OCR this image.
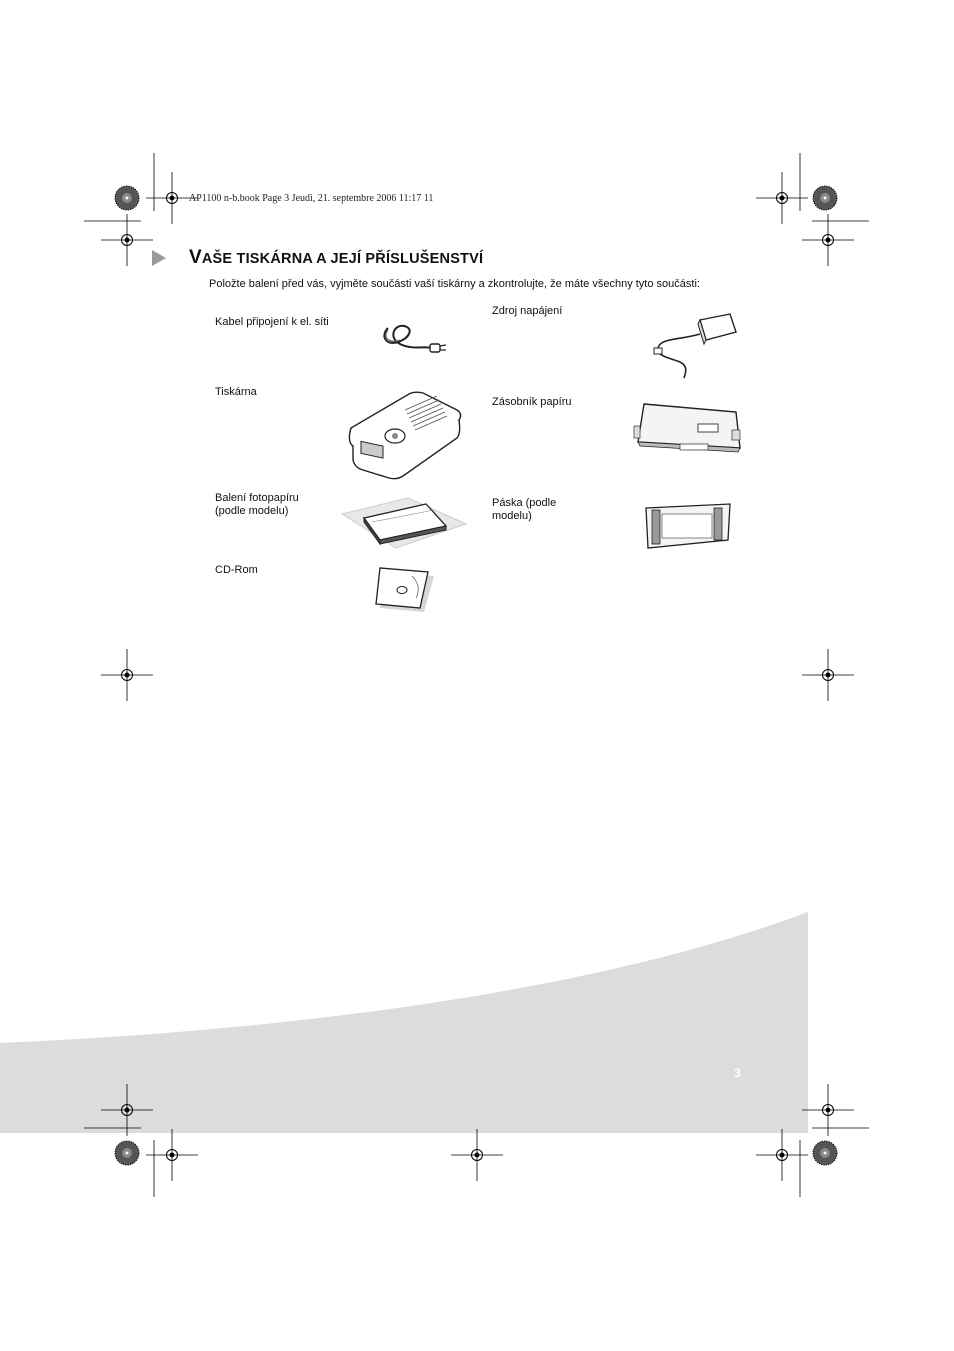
AP1100 n-b.book Page 3 Jeudi, 21. septembre 2006 11:17 11
VAŠE TISKÁRNA A JEJÍ PŘÍSLUŠENSTVÍ
Položte balení před vás, vyjměte součásti vaší tiskárny a zkontrolujte, že máte všechny tyto součásti:
Kabel připojení k el. síti
Zdroj napájení
Tiskárna
Zásobník papíru
Balení fotopapíru (podle modelu)
Páska (podle modelu)
CD-Rom
3
